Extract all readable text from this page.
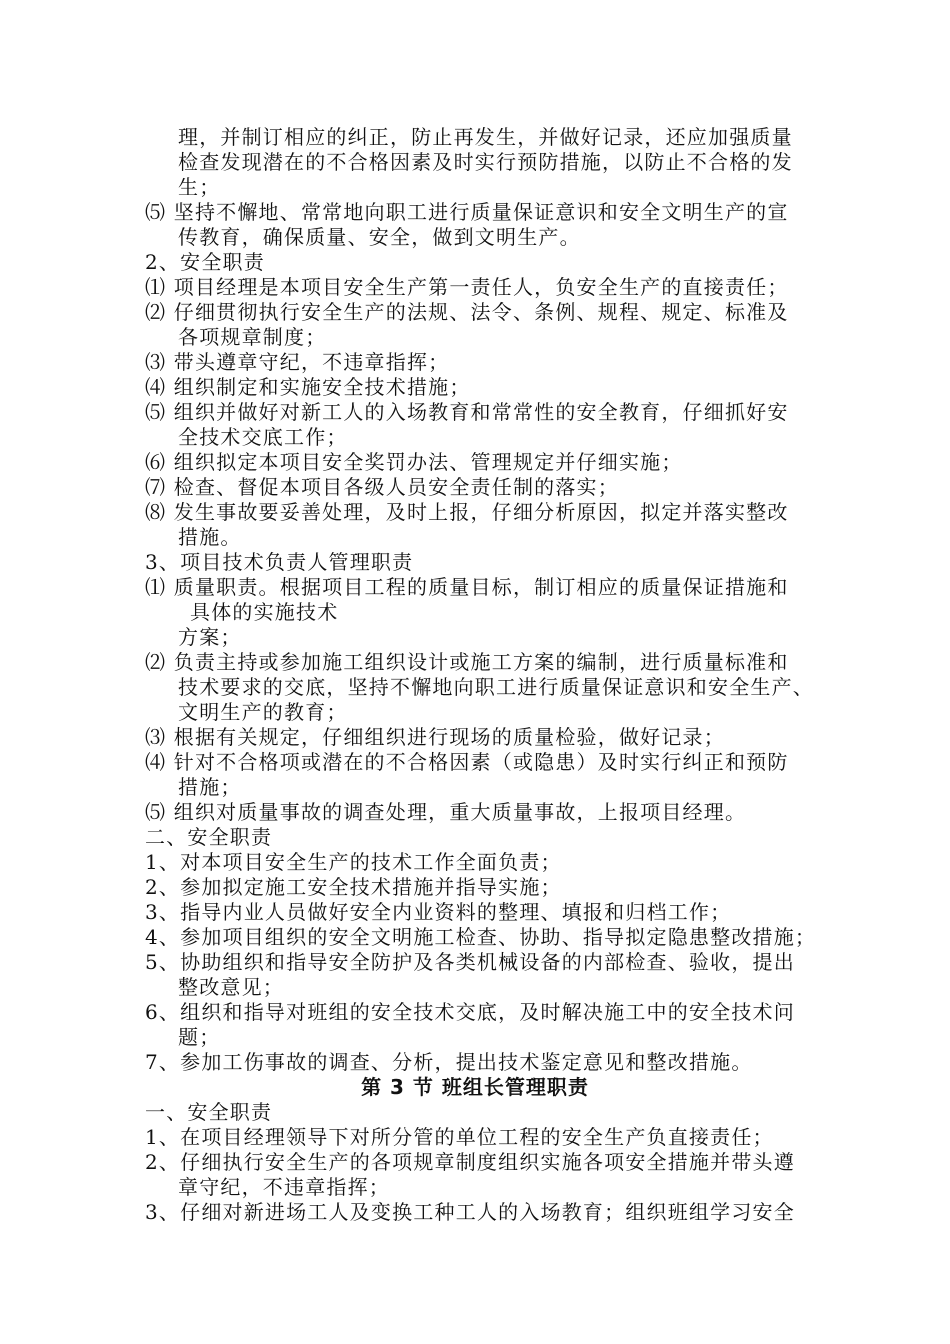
理，并制订相应的纠正，防止再发生，并做好记录，还应加强质量
检查发现潜在的不合格因素及时实行预防措施，以防止不合格的发
生；
⑸ 坚持不懈地、常常地向职工进行质量保证意识和安全文明生产的宣
传教育，确保质量、安全，做到文明生产。
2、安全职责
⑴ 项目经理是本项目安全生产第一责任人，负安全生产的直接责任；
⑵ 仔细贯彻执行安全生产的法规、法令、条例、规程、规定、标准及
各项规章制度；
⑶ 带头遵章守纪，不违章指挥；
⑷ 组织制定和实施安全技术措施；
⑸ 组织并做好对新工人的入场教育和常常性的安全教育，仔细抓好安
全技术交底工作；
⑹ 组织拟定本项目安全奖罚办法、管理规定并仔细实施；
⑺ 检查、督促本项目各级人员安全责任制的落实；
⑻ 发生事故要妥善处理，及时上报，仔细分析原因，拟定并落实整改
措施。
3、项目技术负责人管理职责
⑴ 质量职责。根据项目工程的质量目标，制订相应的质量保证措施和
具体的实施技术
方案；
⑵ 负责主持或参加施工组织设计或施工方案的编制，进行质量标准和
技术要求的交底，坚持不懈地向职工进行质量保证意识和安全生产、
文明生产的教育；
⑶ 根据有关规定，仔细组织进行现场的质量检验，做好记录；
⑷ 针对不合格项或潜在的不合格因素（或隐患）及时实行纠正和预防
措施；
⑸ 组织对质量事故的调查处理，重大质量事故，上报项目经理。
二、安全职责
1、对本项目安全生产的技术工作全面负责；
2、参加拟定施工安全技术措施并指导实施；
3、指导内业人员做好安全内业资料的整理、填报和归档工作；
4、参加项目组织的安全文明施工检查、协助、指导拟定隐患整改措施；
5、协助组织和指导安全防护及各类机械设备的内部检查、验收，提出
整改意见；
6、组织和指导对班组的安全技术交底，及时解决施工中的安全技术问
题；
7、参加工伤事故的调查、分析，提出技术鉴定意见和整改措施。
第 3 节 班组长管理职责
一、安全职责
1、在项目经理领导下对所分管的单位工程的安全生产负直接责任；
2、仔细执行安全生产的各项规章制度组织实施各项安全措施并带头遵
章守纪，不违章指挥；
3、仔细对新进场工人及变换工种工人的入场教育；组织班组学习安全
